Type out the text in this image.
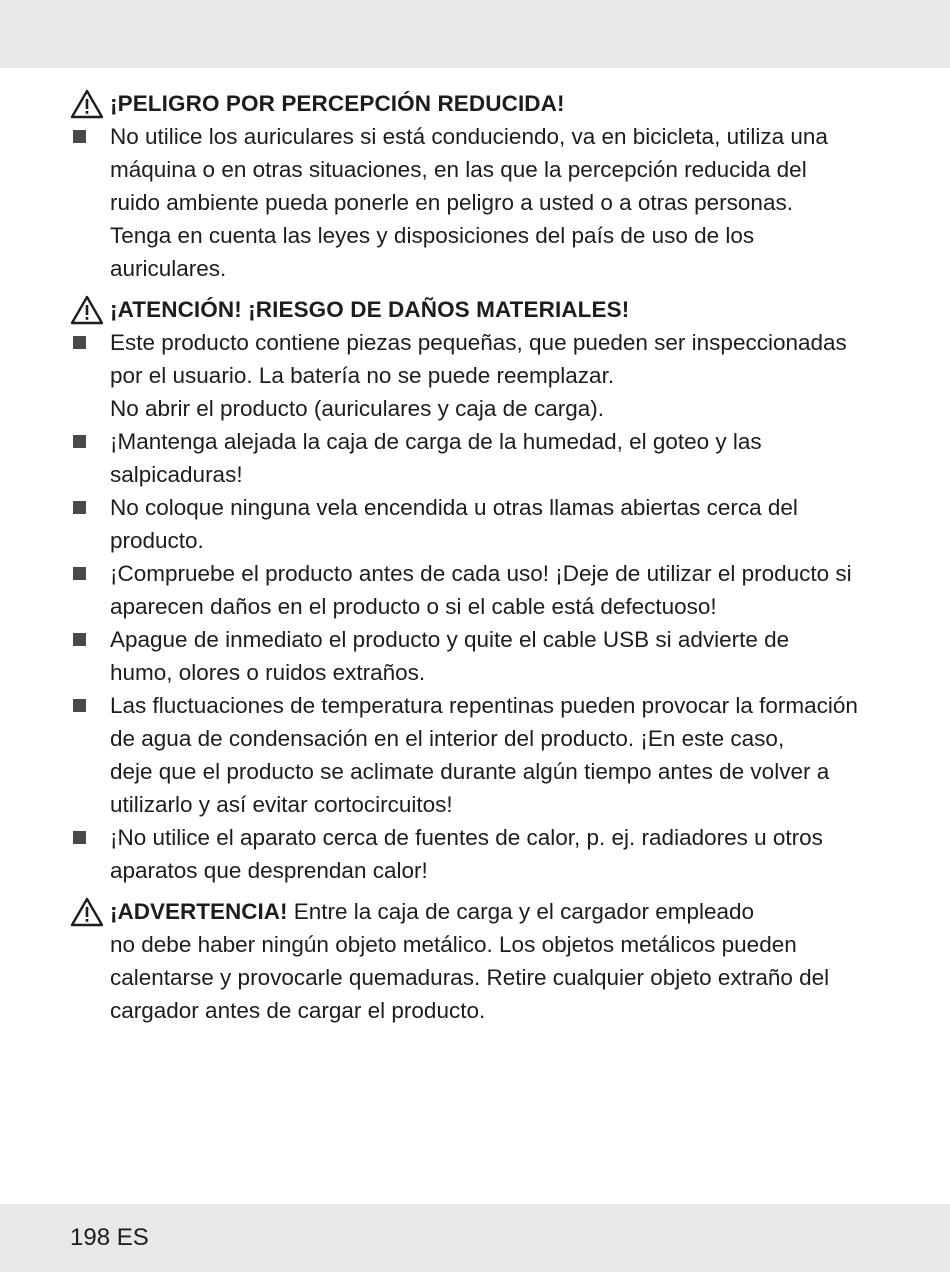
¡PELIGRO POR PERCEPCIÓN REDUCIDA!
No utilice los auriculares si está conduciendo, va en bicicleta, utiliza una
máquina o en otras situaciones, en las que la percepción reducida del
ruido ambiente pueda ponerle en peligro a usted o a otras personas.
Tenga en cuenta las leyes y disposiciones del país de uso de los
auriculares.
¡ATENCIÓN! ¡RIESGO DE DAÑOS MATERIALES!
Este producto contiene piezas pequeñas, que pueden ser inspeccionadas
por el usuario. La batería no se puede reemplazar.
No abrir el producto (auriculares y caja de carga).
¡Mantenga alejada la caja de carga de la humedad, el goteo y las
salpicaduras!
No coloque ninguna vela encendida u otras llamas abiertas cerca del
producto.
¡Compruebe el producto antes de cada uso! ¡Deje de utilizar el producto si
aparecen daños en el producto o si el cable está defectuoso!
Apague de inmediato el producto y quite el cable USB si advierte de
humo, olores o ruidos extraños.
Las fluctuaciones de temperatura repentinas pueden provocar la formación
de agua de condensación en el interior del producto. ¡En este caso,
deje que el producto se aclimate durante algún tiempo antes de volver a
utilizarlo y así evitar cortocircuitos!
¡No utilice el aparato cerca de fuentes de calor, p. ej. radiadores u otros
aparatos que desprendan calor!
¡ADVERTENCIA! Entre la caja de carga y el cargador empleado
no debe haber ningún objeto metálico. Los objetos metálicos pueden
calentarse y provocarle quemaduras. Retire cualquier objeto extraño del
cargador antes de cargar el producto.
198 ES
